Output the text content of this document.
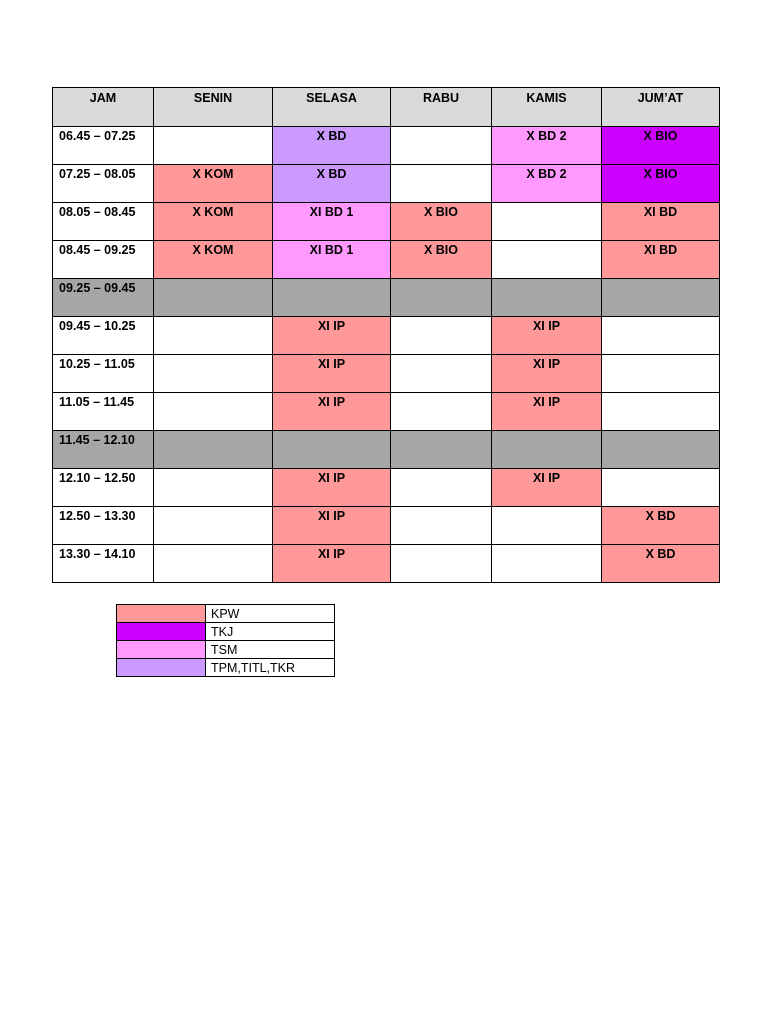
JAM	SENIN	SELASA	RABU	KAMIS	JUM’AT
06.45 – 07.25		X BD		X BD 2	X BIO
07.25 – 08.05	X KOM	X BD		X BD 2	X BIO
08.05 – 08.45	X KOM	XI BD 1	X BIO		XI BD
08.45 – 09.25	X KOM	XI BD 1	X BIO		XI BD
09.25 – 09.45					
09.45 – 10.25		XI IP		XI IP	
10.25 – 11.05		XI IP		XI IP	
11.05 – 11.45		XI IP		XI IP	
11.45 – 12.10					
12.10 – 12.50		XI IP		XI IP	
12.50 – 13.30		XI IP			X BD
13.30 – 14.10		XI IP			X BD
	KPW
	TKJ
	TSM
	TPM,TITL,TKR
